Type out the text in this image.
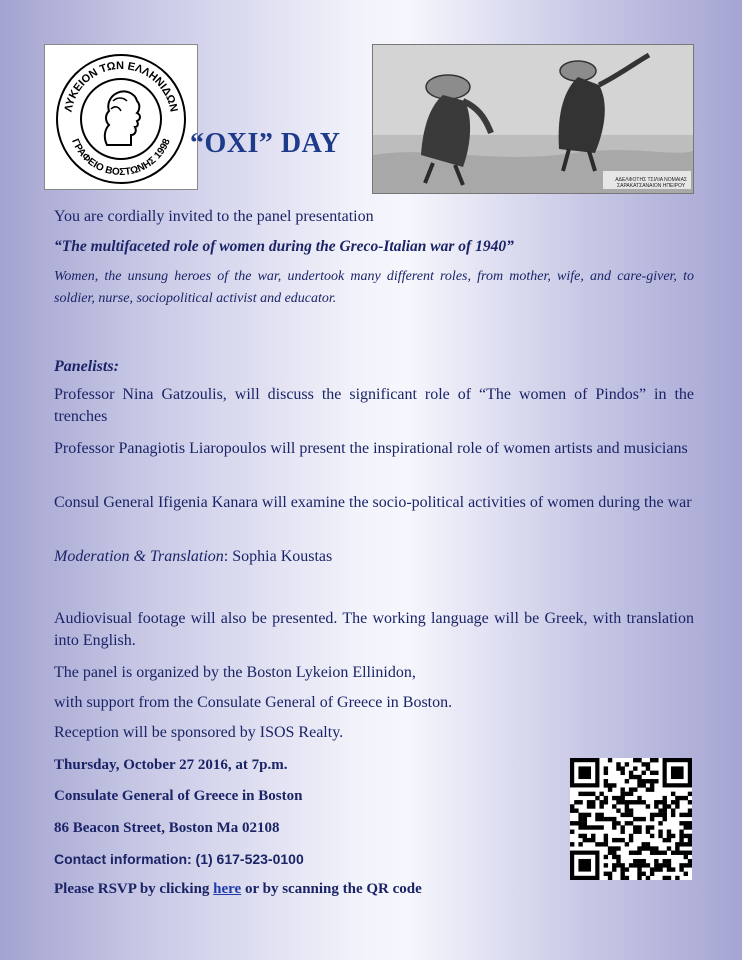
ΛΥΚΕΙΟΝ ΤΩΝ ΕΛΛΗΝΙΔΩΝ
ΓΡΑΦΕΙΟ ΒΟΣΤΩΝΗΣ 1998 “OXI” DAY
ΑΔΕΛΦΟΤΗΣ ΤΣΙΛΙΑ ΝΟΜΑΙΑΣ
ΣΑΡΑΚΑΤΣΑΝΑΙΟΝ ΗΠΕΙΡΟΥ
You are cordially invited to the panel presentation
“The multifaceted role of women during the Greco-Italian war of 1940”
Women, the unsung heroes of the war, undertook many different roles, from mother, wife, and care-giver, to soldier, nurse, sociopolitical activist and educator.
Panelists:
Professor Nina Gatzoulis, will discuss the significant role of “The women of Pindos” in the trenches
Professor Panagiotis Liaropoulos will present the inspirational role of women artists and musicians
Consul General Ifigenia Kanara will examine the socio-political activities of women during the war
Moderation & Translation: Sophia Koustas
Audiovisual footage will also be presented. The working language will be Greek, with translation into English.
The panel is organized by the Boston Lykeion Ellinidon,
with support from the Consulate General of Greece in Boston.
Reception will be sponsored by ISOS Realty.
Thursday, October 27 2016, at 7p.m.
Consulate General of Greece in Boston
86 Beacon Street, Boston Ma 02108
Contact information: (1) 617-523-0100
Please RSVP by clicking here or by scanning the QR code
